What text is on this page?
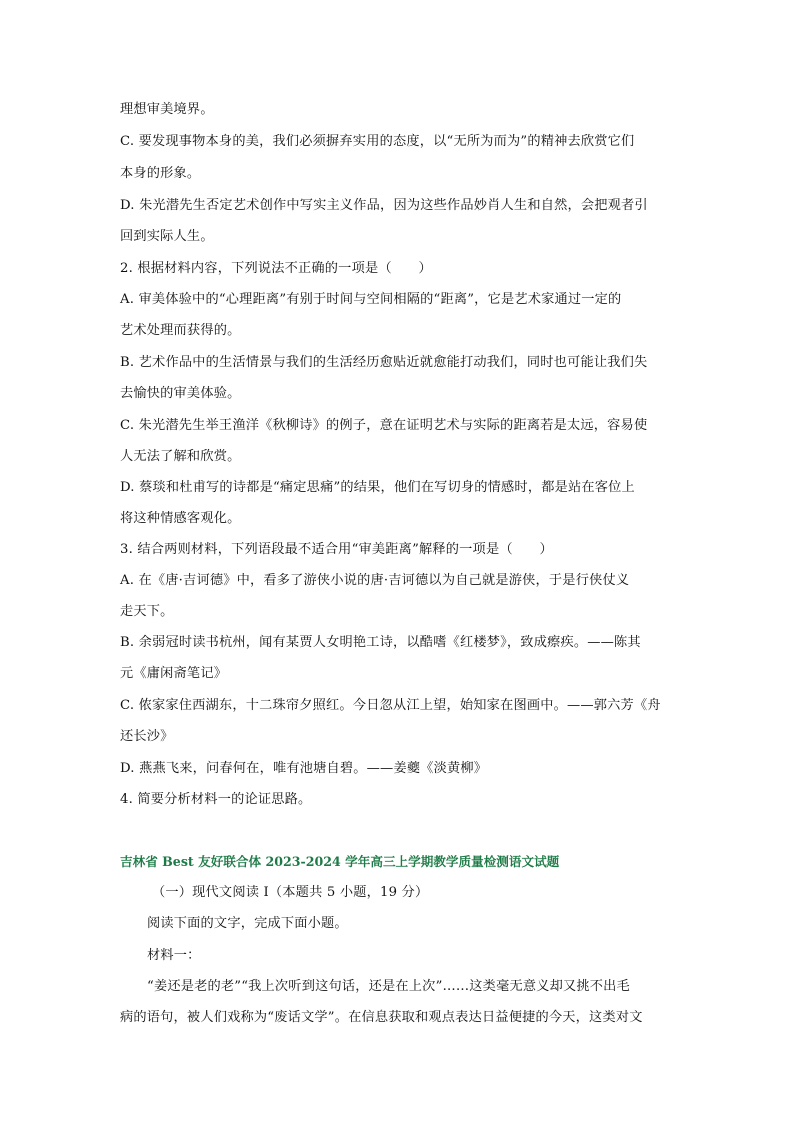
理想审美境界。
C. 要发现事物本身的美，我们必须摒弃实用的态度，以“无所为而为”的精神去欣赏它们
本身的形象。
D. 朱光潜先生否定艺术创作中写实主义作品，因为这些作品妙肖人生和自然，会把观者引
回到实际人生。
2. 根据材料内容，下列说法不正确的一项是（　　）
A. 审美体验中的“心理距离”有别于时间与空间相隔的“距离”，它是艺术家通过一定的
艺术处理而获得的。
B. 艺术作品中的生活情景与我们的生活经历愈贴近就愈能打动我们，同时也可能让我们失
去愉快的审美体验。
C. 朱光潜先生举王渔洋《秋柳诗》的例子，意在证明艺术与实际的距离若是太远，容易使
人无法了解和欣赏。
D. 蔡琰和杜甫写的诗都是“痛定思痛”的结果，他们在写切身的情感时，都是站在客位上
将这种情感客观化。
3. 结合两则材料，下列语段最不适合用“审美距离”解释的一项是（　　）
A. 在《唐·吉诃德》中，看多了游侠小说的唐·吉诃德以为自己就是游侠，于是行侠仗义
走天下。
B. 余弱冠时读书杭州，闻有某贾人女明艳工诗，以酷嗜《红楼梦》，致成瘵疾。——陈其
元《庸闲斋笔记》
C. 侬家家住西湖东，十二珠帘夕照红。今日忽从江上望，始知家在图画中。——郭六芳《舟
还长沙》
D. 燕燕飞来，问春何在，唯有池塘自碧。——姜夔《淡黄柳》
4. 简要分析材料一的论证思路。
吉林省 Best 友好联合体 2023-2024 学年高三上学期教学质量检测语文试题
（一）现代文阅读 I（本题共 5 小题，19 分）
阅读下面的文字，完成下面小题。
材料一：
“姜还是老的老”“我上次听到这句话，还是在上次”……这类毫无意义却又挑不出毛
病的语句，被人们戏称为“废话文学”。在信息获取和观点表达日益便捷的今天，这类对文
